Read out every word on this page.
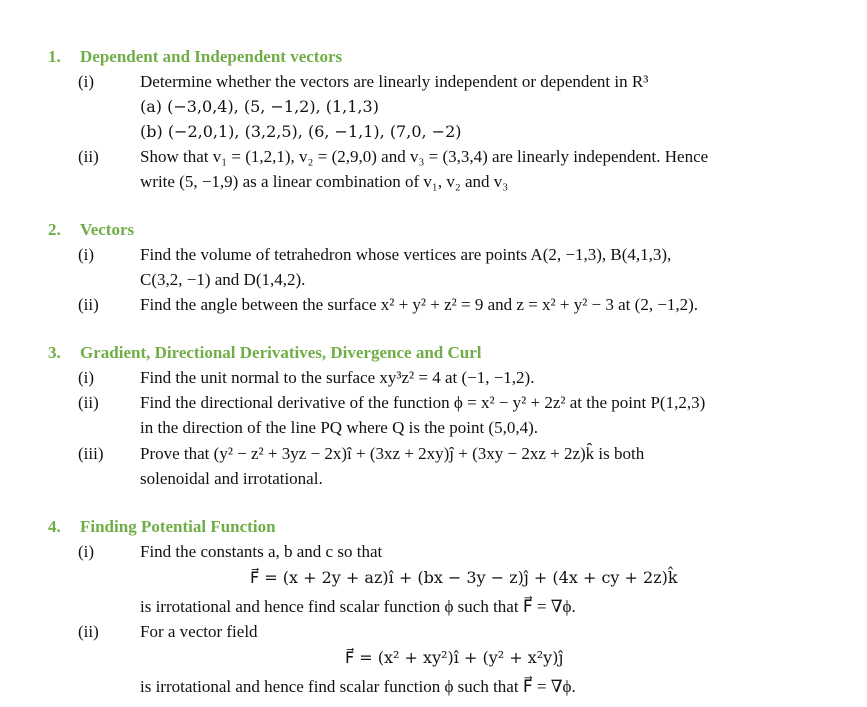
1. Dependent and Independent vectors
(i)	Determine whether the vectors are linearly independent or dependent in R³
(a) (−3,0,4), (5, −1,2), (1,1,3)
(b) (−2,0,1), (3,2,5), (6, −1,1), (7,0, −2)
(ii) Show that v₁ = (1,2,1), v₂ = (2,9,0) and v₃ = (3,3,4) are linearly independent. Hence
write (5, −1,9) as a linear combination of v₁, v₂ and v₃
2. Vectors
(i)	Find the volume of tetrahedron whose vertices are points A(2, −1,3), B(4,1,3),
C(3,2, −1) and D(1,4,2).
(ii) Find the angle between the surface x² + y² + z² = 9 and z = x² + y² − 3 at (2, −1,2).
3. Gradient, Directional Derivatives, Divergence and Curl
(i)	Find the unit normal to the surface xy³z² = 4 at (−1, −1,2).
(ii) Find the directional derivative of the function ϕ = x² − y² + 2z² at the point P(1,2,3)
in the direction of the line PQ where Q is the point (5,0,4).
(iii) Prove that (y² − z² + 3yz − 2x)î + (3xz + 2xy)ĵ + (3xy − 2xz + 2z)k̂ is both
solenoidal and irrotational.
4. Finding Potential Function
(i)	Find the constants a, b and c so that
F⃗ = (x + 2y + az)î + (bx − 3y − z)ĵ + (4x + cy + 2z)k̂
is irrotational and hence find scalar function ϕ such that F⃗ = ∇ϕ.
(ii) For a vector field
F⃗ = (x² + xy²)î + (y² + x²y)ĵ
is irrotational and hence find scalar function ϕ such that F⃗ = ∇ϕ.
